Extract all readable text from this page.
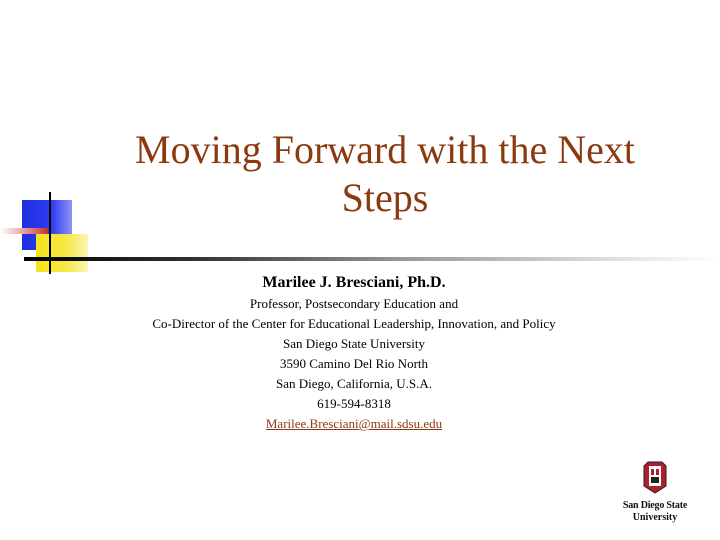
Moving Forward with the Next Steps

Marilee J. Bresciani, Ph.D.

Professor, Postsecondary Education and

Co-Director of the Center for Educational Leadership, Innovation, and Policy

San Diego State University

3590 Camino Del Rio North

San Diego, California, U.S.A.

619-594-8318

Marilee.Bresciani@mail.sdsu.edu

San Diego State
University
